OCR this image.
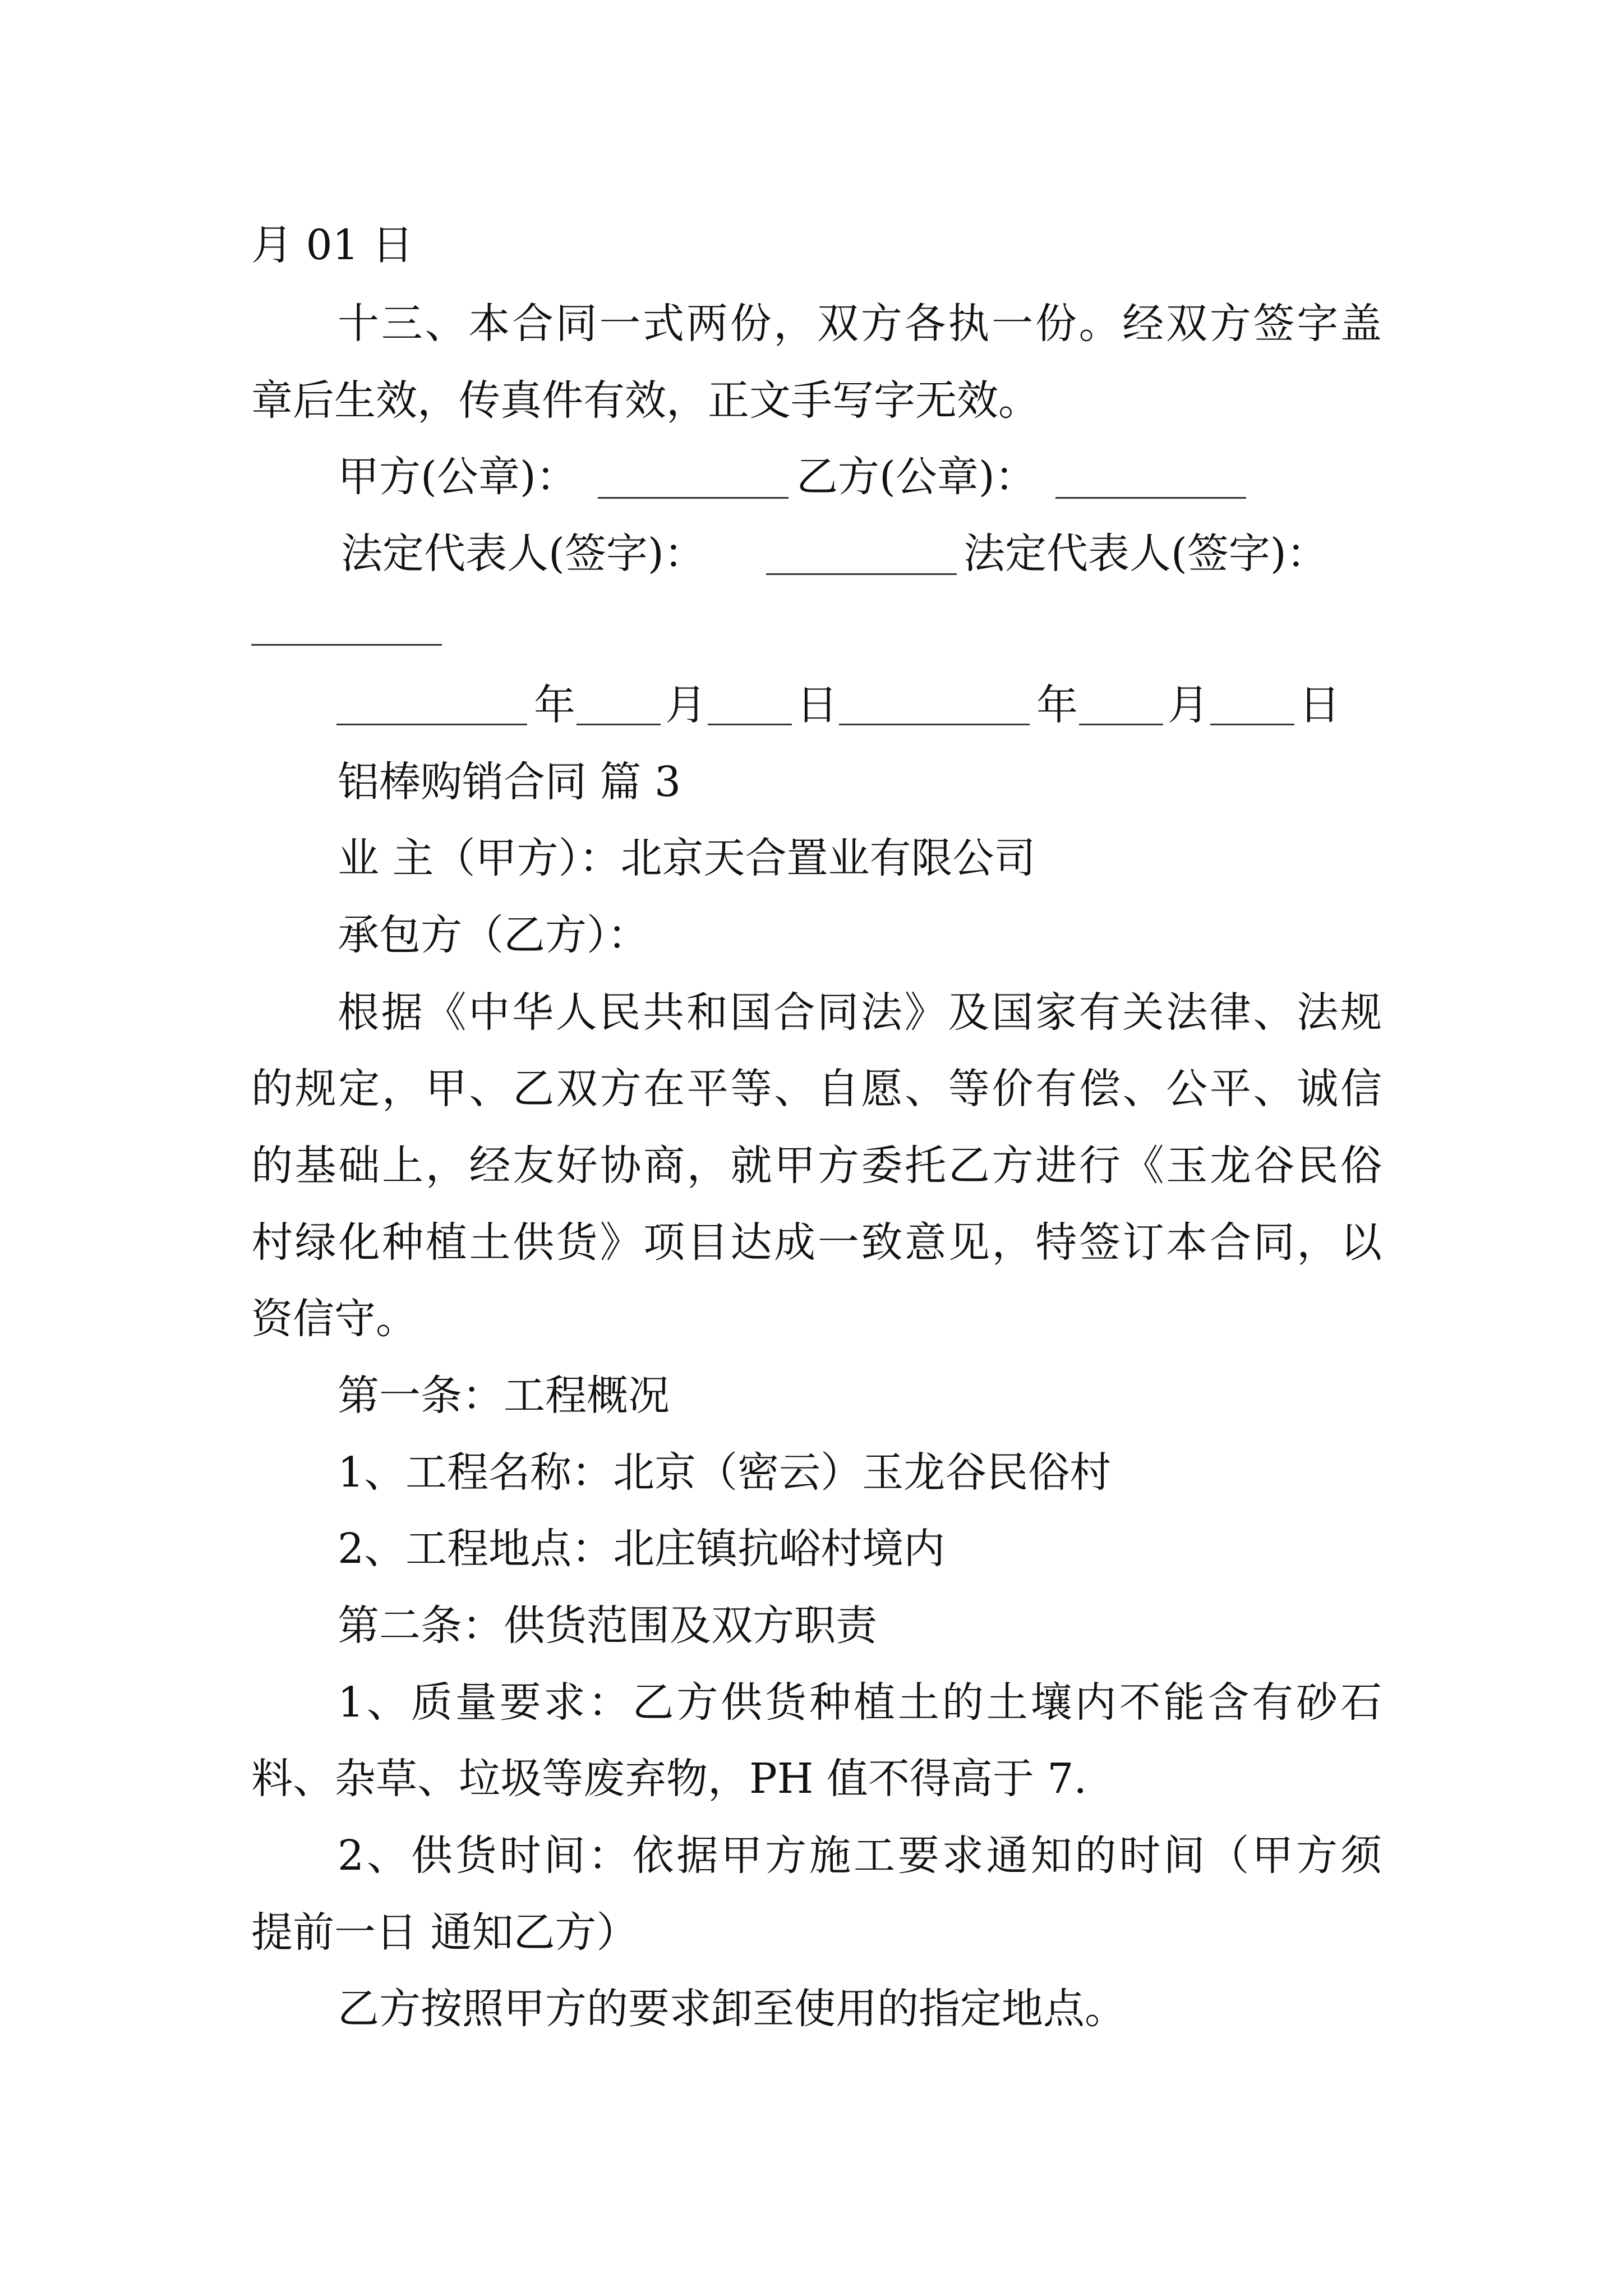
月 01 日
十三、本合同一式两份，双方各执一份。经双方签字盖
章后生效，传真件有效，正文手写字无效。
甲方(公章)：	乙方(公章)：
法定代表人(签字)：	法定代表人(签字)：
年 月 日	年 月 日
铝棒购销合同 篇 3
业 主（甲方）：北京天合置业有限公司
承包方（乙方）：
根据《中华人民共和国合同法》及国家有关法律、法规
的规定，甲、乙双方在平等、自愿、等价有偿、公平、诚信
的基础上，经友好协商，就甲方委托乙方进行《玉龙谷民俗
村绿化种植土供货》项目达成一致意见，特签订本合同，以
资信守。
第一条：工程概况
1、工程名称：北京（密云）玉龙谷民俗村
2、工程地点：北庄镇抗峪村境内
第二条：供货范围及双方职责
1、质量要求：乙方供货种植土的土壤内不能含有砂石
料、杂草、垃圾等废弃物，PH 值不得高于 7.
2、供货时间：依据甲方施工要求通知的时间（甲方须
提前一日 通知乙方）
乙方按照甲方的要求卸至使用的指定地点。
